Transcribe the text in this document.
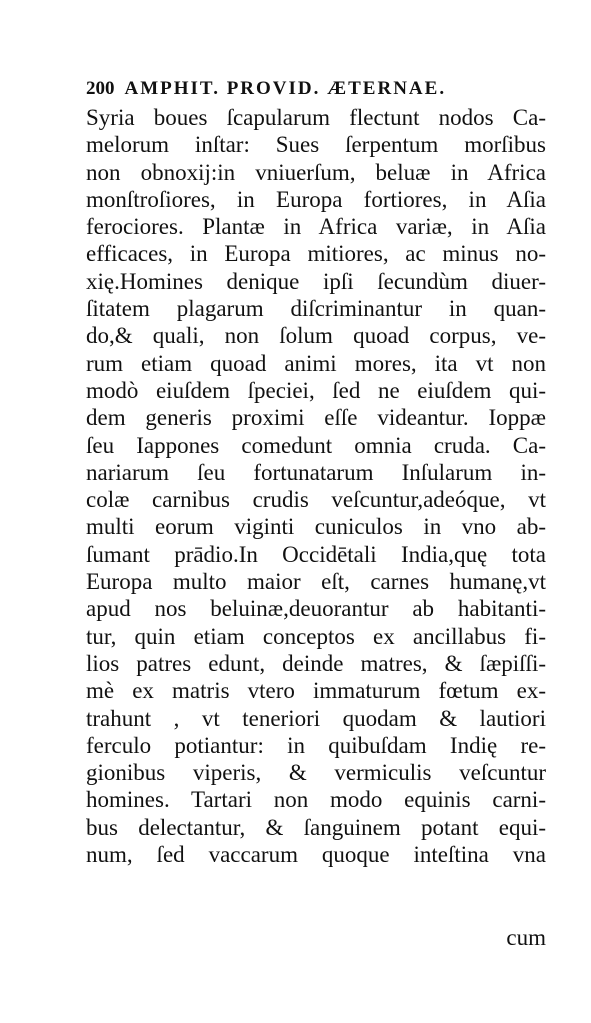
200 AMPHIT. PROVID. ÆTERNAE.
Syria boues ſcapularum flectunt nodos Ca-
melorum inſtar: Sues ſerpentum morſibus
non obnoxij:in vniuerſum, beluæ in Africa
monſtroſiores, in Europa fortiores, in Aſia
ferociores. Plantæ in Africa variæ, in Aſia
efficaces, in Europa mitiores, ac minus no-
xię.Homines denique ipſi ſecundùm diuer-
ſitatem plagarum diſcriminantur in quan-
do,& quali, non ſolum quoad corpus, ve-
rum etiam quoad animi mores, ita vt non
modò eiuſdem ſpeciei, ſed ne eiuſdem qui-
dem generis proximi eſſe videantur. Ioppæ
ſeu Iappones comedunt omnia cruda. Ca-
nariarum ſeu fortunatarum Inſularum in-
colæ carnibus crudis veſcuntur,adeóque, vt
multi eorum viginti cuniculos in vno ab-
ſumant prādio.In Occidētali India,quę tota
Europa multo maior eſt, carnes humanę,vt
apud nos beluinæ,deuorantur ab habitanti-
tur, quin etiam conceptos ex ancillabus fi-
lios patres edunt, deinde matres, & ſæpiſſi-
mè ex matris vtero immaturum fœtum ex-
trahunt , vt teneriori quodam & lautiori
ferculo potiantur: in quibuſdam Indię re-
gionibus viperis, & vermiculis veſcuntur
homines. Tartari non modo equinis carni-
bus delectantur, & ſanguinem potant equi-
num, ſed vaccarum quoque inteſtina vna
cum
